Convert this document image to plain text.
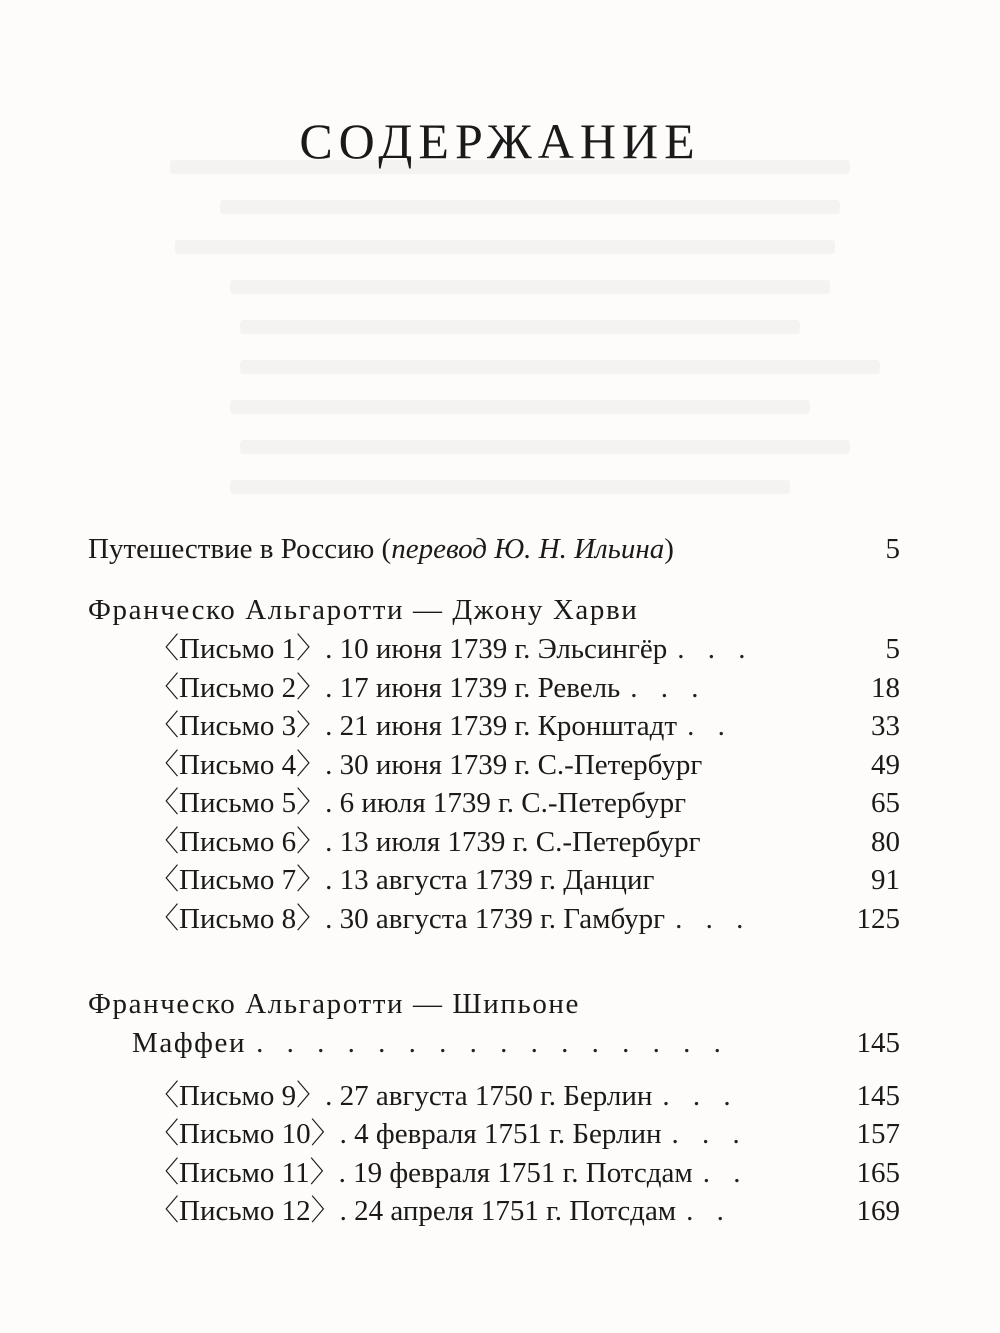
СОДЕРЖАНИЕ
Путешествие в Россию (перевод Ю. Н. Ильина)	5
Франческо Альгаротти — Джону Харви
〈Письмо 1〉. 10 июня 1739 г. Эльсингёр . . .	5
〈Письмо 2〉. 17 июня 1739 г. Ревель . . .	18
〈Письмо 3〉. 21 июня 1739 г. Кронштадт . .	33
〈Письмо 4〉. 30 июня 1739 г. С.-Петербург	49
〈Письмо 5〉. 6 июля 1739 г. С.-Петербург	65
〈Письмо 6〉. 13 июля 1739 г. С.-Петербург	80
〈Письмо 7〉. 13 августа 1739 г. Данциг	91
〈Письмо 8〉. 30 августа 1739 г. Гамбург . . .	125
Франческо Альгаротти — Шипьоне
Маффеи . . . . . . . . . . . . . . . .	145
〈Письмо 9〉. 27 августа 1750 г. Берлин . . .	145
〈Письмо 10〉. 4 февраля 1751 г. Берлин . . .	157
〈Письмо 11〉. 19 февраля 1751 г. Потсдам . .	165
〈Письмо 12〉. 24 апреля 1751 г. Потсдам . .	169
